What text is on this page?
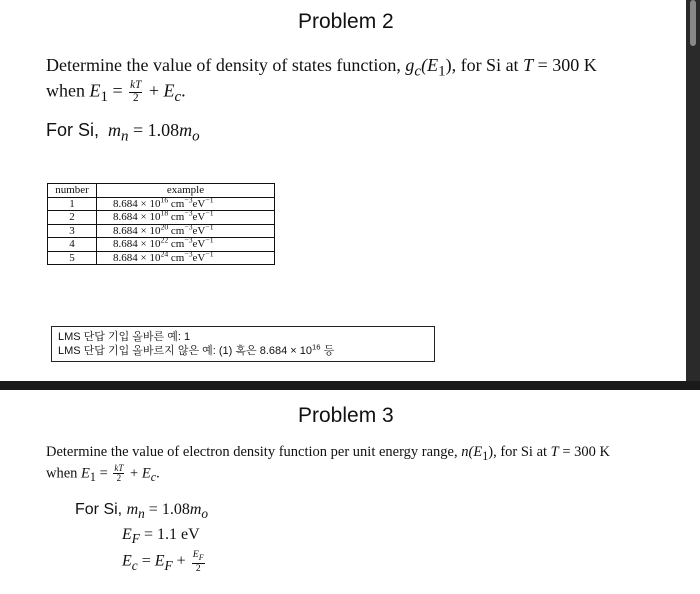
Problem 2
Determine the value of density of states function, $g_c(E_1)$, for Si at T = 300 K
when $E_1 = \frac{kT}{2} + E_c$.
For Si, $m_n = 1.08m_o$
number	example
1	$8.684 \times 10^{16}$ $cm^{-3}eV^{-1}$
2	$8.684 \times 10^{18}$ $cm^{-3}eV^{-1}$
3	$8.684 \times 10^{20}$ $cm^{-3}eV^{-1}$
4	$8.684 \times 10^{22}$ $cm^{-3}eV^{-1}$
5	$8.684 \times 10^{24}$ $cm^{-3}eV^{-1}$
LMS 단답 기입 올바른 예: 1
LMS 단답 기입 올바르지 않은 예: (1) 혹은 $8.684 \times 10^{16}$ 등
Problem 3
Determine the value of electron density function per unit energy range, $n(E_1)$, for Si at T = 300 K
when $E_1 = \frac{kT}{2} + E_c$.
For Si, $m_n = 1.08m_o$
$E_F = 1.1$ eV
$E_c = E_F + \frac{E_F}{2}$
